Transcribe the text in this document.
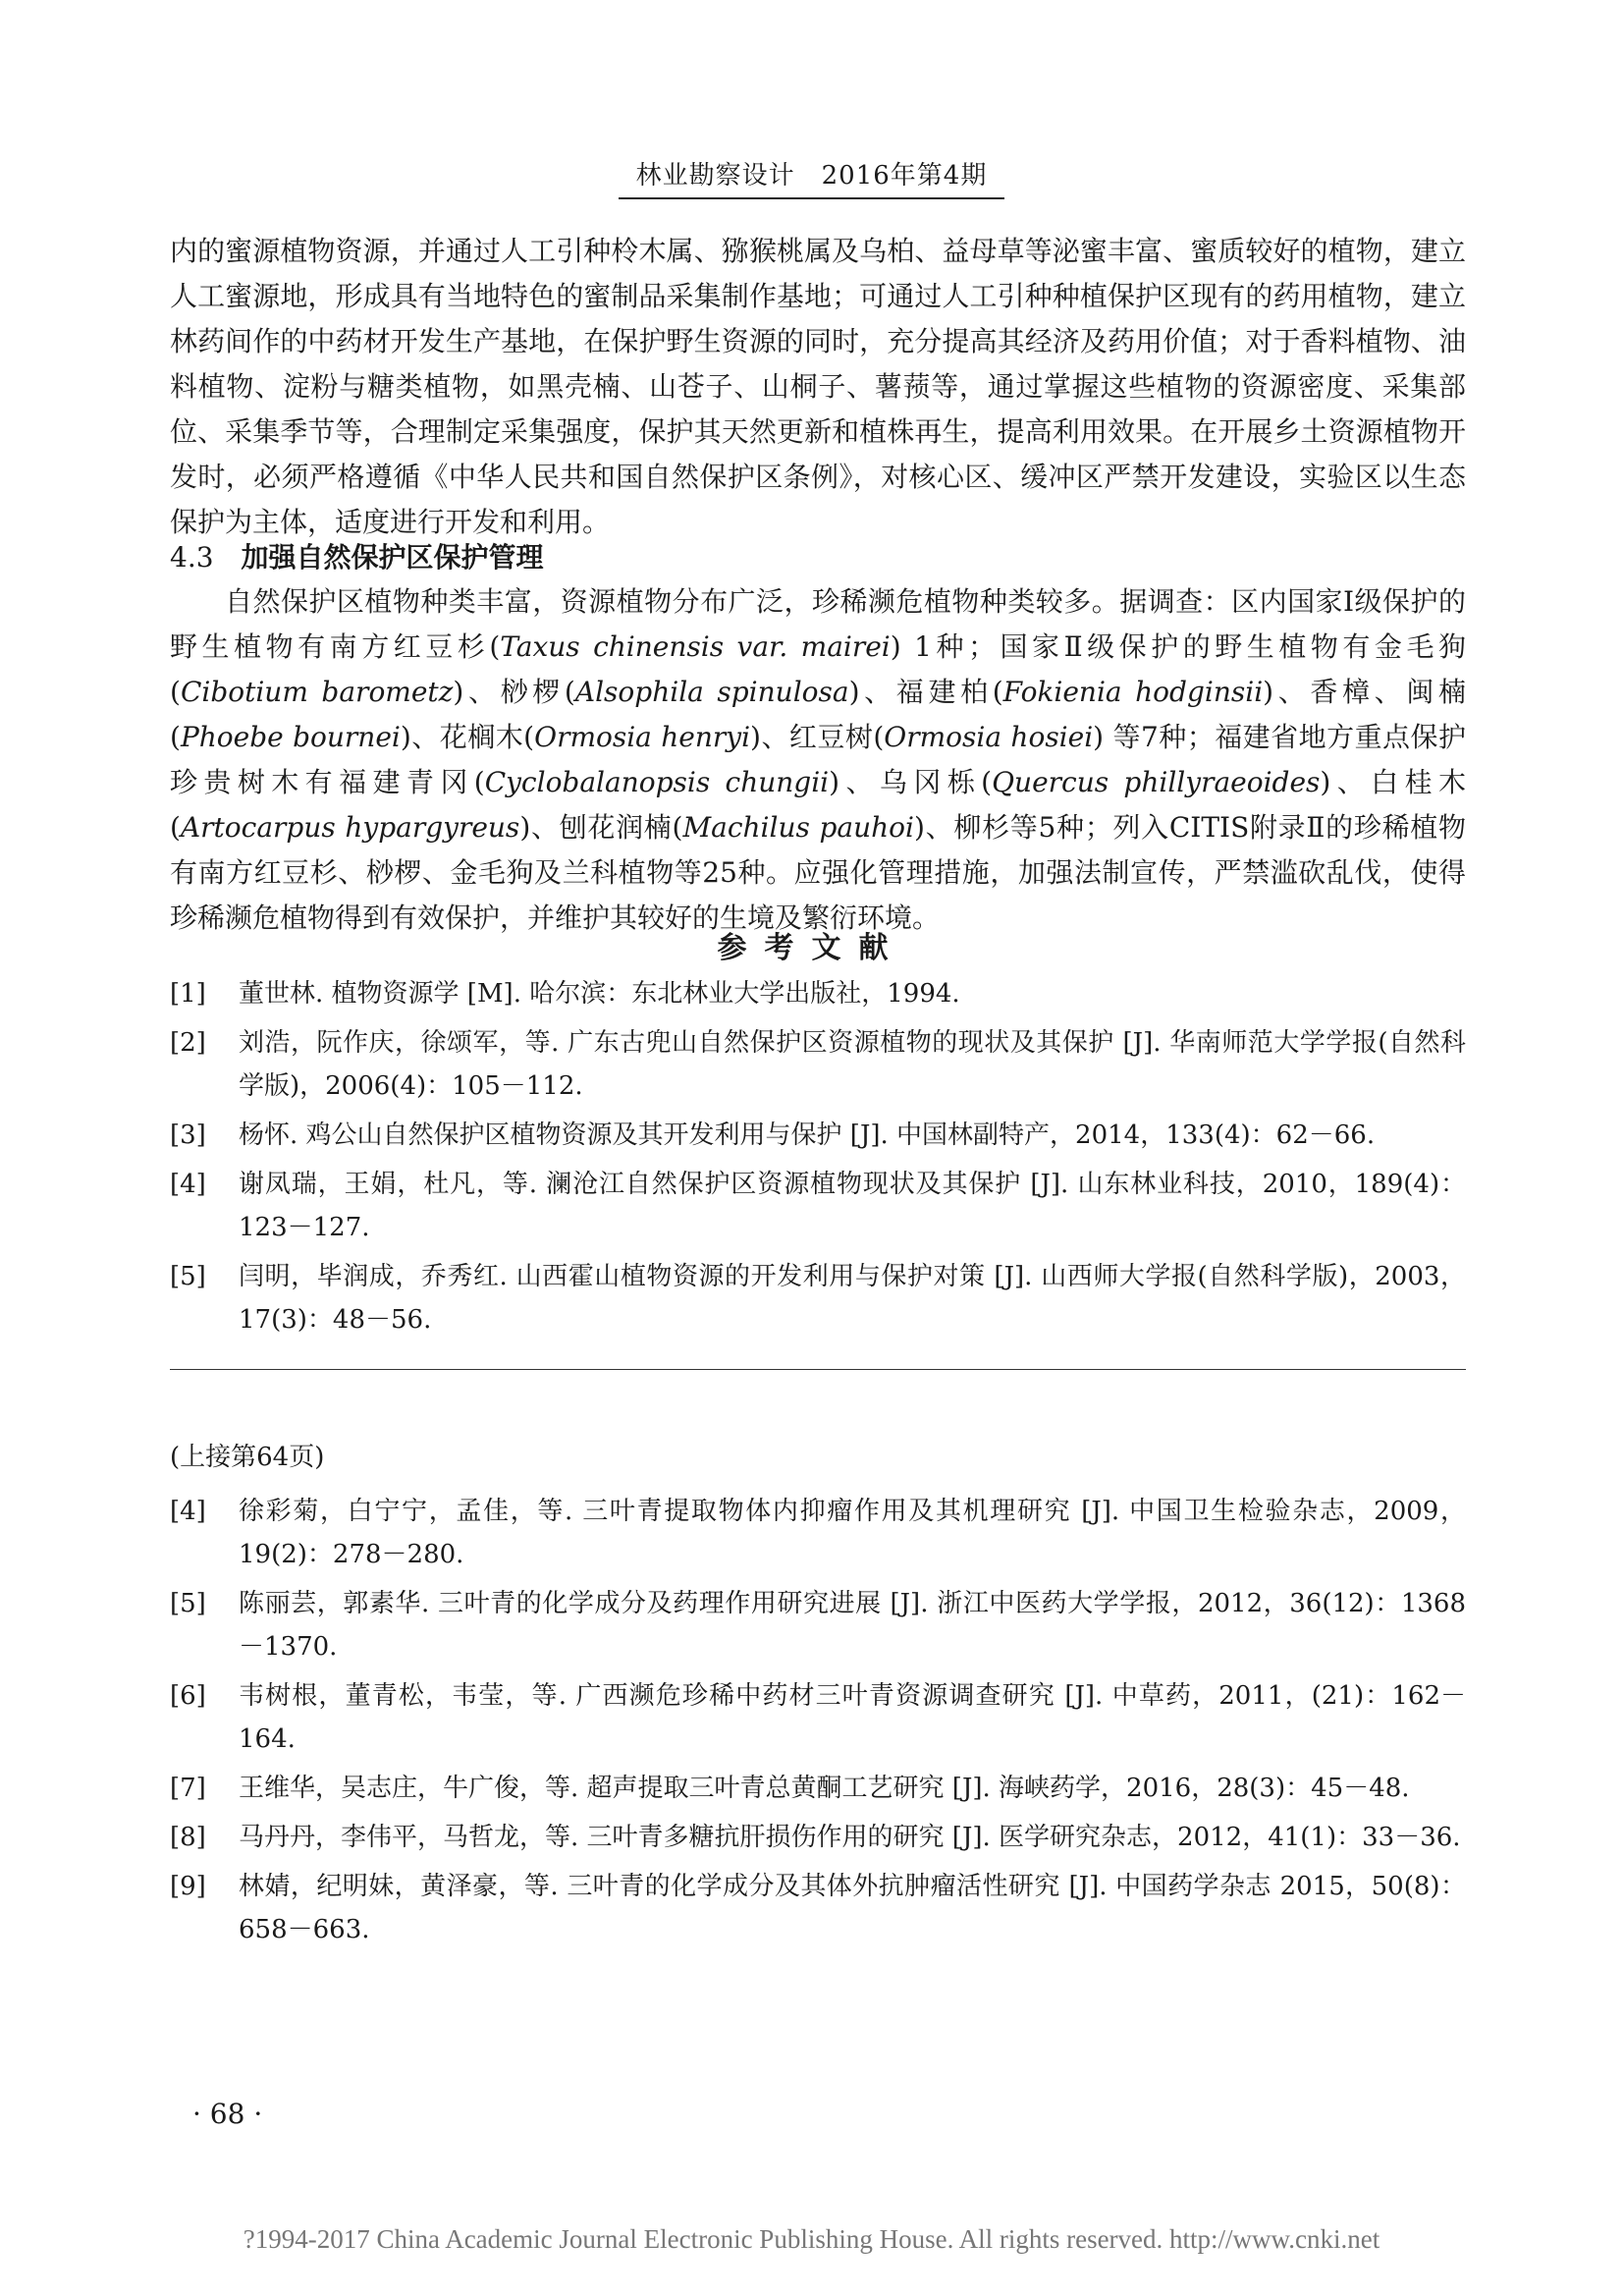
林业勘察设计　2016年第4期

内的蜜源植物资源，并通过人工引种柃木属、猕猴桃属及乌柏、益母草等泌蜜丰富、蜜质较好的植物，建立人工蜜源地，形成具有当地特色的蜜制品采集制作基地；可通过人工引种种植保护区现有的药用植物，建立林药间作的中药材开发生产基地，在保护野生资源的同时，充分提高其经济及药用价值；对于香料植物、油料植物、淀粉与糖类植物，如黑壳楠、山苍子、山桐子、薯蓣等，通过掌握这些植物的资源密度、采集部位、采集季节等，合理制定采集强度，保护其天然更新和植株再生，提高利用效果。在开展乡土资源植物开发时，必须严格遵循《中华人民共和国自然保护区条例》，对核心区、缓冲区严禁开发建设，实验区以生态保护为主体，适度进行开发和利用。

4.3 加强自然保护区保护管理

自然保护区植物种类丰富，资源植物分布广泛，珍稀濒危植物种类较多。据调查：区内国家Ⅰ级保护的野生植物有南方红豆杉(Taxus chinensis var. mairei) 1种；国家Ⅱ级保护的野生植物有金毛狗(Cibotium barometz)、桫椤(Alsophila spinulosa)、福建柏(Fokienia hodginsii)、香樟、闽楠(Phoebe bournei)、花榈木(Ormosia henryi)、红豆树(Ormosia hosiei) 等7种；福建省地方重点保护珍贵树木有福建青冈(Cyclobalanopsis chungii)、乌冈栎(Quercus phillyraeoides)、白桂木(Artocarpus hypargyreus)、刨花润楠(Machilus pauhoi)、柳杉等5种；列入CITIS附录Ⅱ的珍稀植物有南方红豆杉、桫椤、金毛狗及兰科植物等25种。应强化管理措施，加强法制宣传，严禁滥砍乱伐，使得珍稀濒危植物得到有效保护，并维护其较好的生境及繁衍环境。

参考文献
[1]	董世林. 植物资源学 [M]. 哈尔滨：东北林业大学出版社，1994.
[2]	刘浩，阮作庆，徐颂军，等. 广东古兜山自然保护区资源植物的现状及其保护 [J]. 华南师范大学学报(自然科学版)，2006(4)：105－112.
[3]	杨怀. 鸡公山自然保护区植物资源及其开发利用与保护 [J]. 中国林副特产，2014，133(4)：62－66.
[4]	谢凤瑞，王娟，杜凡，等. 澜沧江自然保护区资源植物现状及其保护 [J]. 山东林业科技，2010，189(4)：123－127.
[5]	闫明，毕润成，乔秀红. 山西霍山植物资源的开发利用与保护对策 [J]. 山西师大学报(自然科学版)，2003，17(3)：48－56.
(上接第64页)
[4]	徐彩菊，白宁宁，孟佳，等. 三叶青提取物体内抑瘤作用及其机理研究 [J]. 中国卫生检验杂志，2009，19(2)：278－280.
[5]	陈丽芸，郭素华. 三叶青的化学成分及药理作用研究进展 [J]. 浙江中医药大学学报，2012，36(12)：1368－1370.
[6]	韦树根，董青松，韦莹，等. 广西濒危珍稀中药材三叶青资源调查研究 [J]. 中草药，2011，(21)：162－164.
[7]	王维华，吴志庄，牛广俊，等. 超声提取三叶青总黄酮工艺研究 [J]. 海峡药学，2016，28(3)：45－48.
[8]	马丹丹，李伟平，马哲龙，等. 三叶青多糖抗肝损伤作用的研究 [J]. 医学研究杂志，2012，41(1)：33－36.
[9]	林婧，纪明妹，黄泽豪，等. 三叶青的化学成分及其体外抗肿瘤活性研究 [J]. 中国药学杂志 2015，50(8)：658－663.
· 68 ·
?1994-2017 China Academic Journal Electronic Publishing House. All rights reserved. http://www.cnki.net
